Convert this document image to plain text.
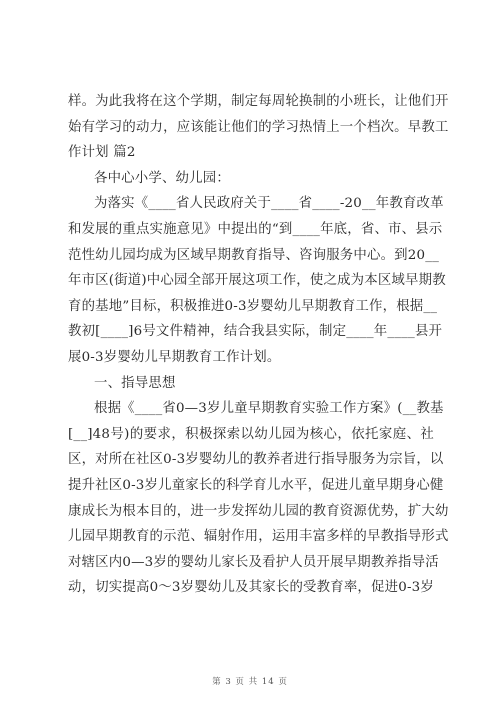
样。为此我将在这个学期，制定每周轮换制的小班长，让他们开
始有学习的动力，应该能让他们的学习热情上一个档次。早教工
作计划 篇2
各中心小学、幼儿园：
为落实《____省人民政府关于____省____-20__年教育改革
和发展的重点实施意见》中提出的“到____年底，省、市、县示
范性幼儿园均成为区域早期教育指导、咨询服务中心。到20__
年市区(街道)中心园全部开展这项工作，使之成为本区域早期教
育的基地”目标，积极推进0-3岁婴幼儿早期教育工作，根据__
教初[____]6号文件精神，结合我县实际，制定____年____县开
展0-3岁婴幼儿早期教育工作计划。
一、指导思想
根据《____省0—3岁儿童早期教育实验工作方案》(__教基
[__]48号)的要求，积极探索以幼儿园为核心，依托家庭、社
区，对所在社区0-3岁婴幼儿的教养者进行指导服务为宗旨，以
提升社区0-3岁儿童家长的科学育儿水平，促进儿童早期身心健
康成长为根本目的，进一步发挥幼儿园的教育资源优势，扩大幼
儿园早期教育的示范、辐射作用，运用丰富多样的早教指导形式
对辖区内0—3岁的婴幼儿家长及看护人员开展早期教养指导活
动，切实提高0～3岁婴幼儿及其家长的受教育率，促进0-3岁
第 3 页 共 14 页
